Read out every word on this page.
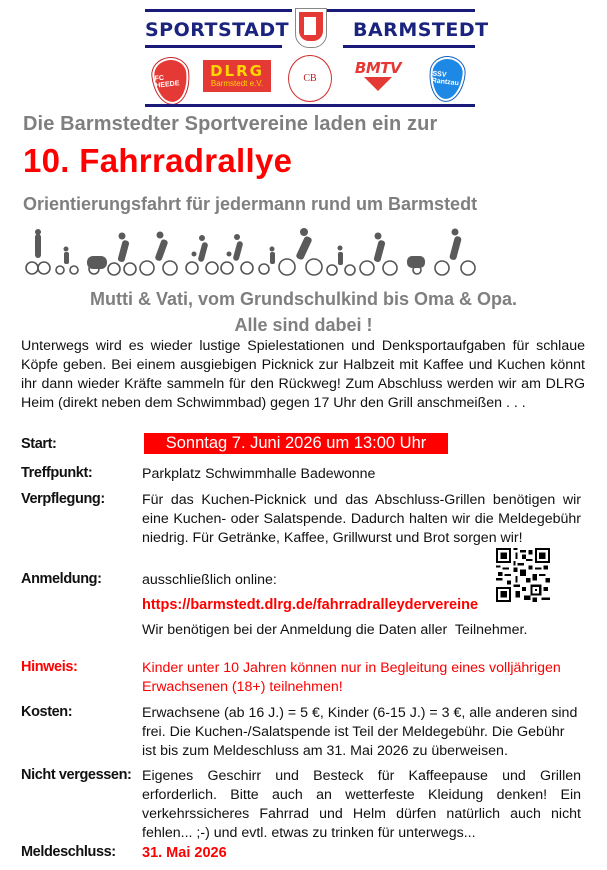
SPORTSTADT	BARMSTEDT
FC HEEDE
DLRG
Barmstedt e.V.	CB
BMTV	SSV Rantzau
Die Barmstedter Sportvereine laden ein zur
10. Fahrradrallye
Orientierungsfahrt für jedermann rund um Barmstedt
Mutti & Vati, vom Grundschulkind bis Oma & Opa.
Alle sind dabei !
Unterwegs wird es wieder lustige Spielestationen und Denksportaufgaben für schlaue Köpfe geben. Bei einem ausgiebigen Picknick zur Halbzeit mit Kaffee und Kuchen könnt ihr dann wieder Kräfte sammeln für den Rückweg! Zum Abschluss werden wir am DLRG Heim (direkt neben dem Schwimmbad) gegen 17 Uhr den Grill anschmeißen . . .
Start:	Sonntag 7. Juni 2026 um 13:00 Uhr
Treffpunkt:	Parkplatz Schwimmhalle Badewonne
Verpflegung:	Für das Kuchen-Picknick und das Abschluss-Grillen benötigen wir eine Kuchen- oder Salatspende. Dadurch halten wir die Meldegebühr niedrig. Für Getränke, Kaffee, Grillwurst und Brot sorgen wir!
Anmeldung:	ausschließlich online:
https://barmstedt.dlrg.de/fahrradralleydervereine
Wir benötigen bei der Anmeldung die Daten aller  Teilnehmer.
Hinweis:	Kinder unter 10 Jahren können nur in Begleitung eines volljährigen Erwachsenen (18+) teilnehmen!
Kosten:	Erwachsene (ab 16 J.) = 5 €, Kinder (6-15 J.) = 3 €, alle anderen sind frei. Die Kuchen-/Salatspende ist Teil der Meldegebühr. Die Gebühr ist bis zum Meldeschluss am 31. Mai 2026 zu überweisen.
Nicht vergessen: Eigenes Geschirr und Besteck für Kaffeepause und Grillen erforderlich. Bitte auch an wetterfeste Kleidung denken! Ein verkehrssicheres Fahrrad und Helm dürfen natürlich auch nicht fehlen... ;-) und evtl. etwas zu trinken für unterwegs...
Meldeschluss: 31. Mai 2026
